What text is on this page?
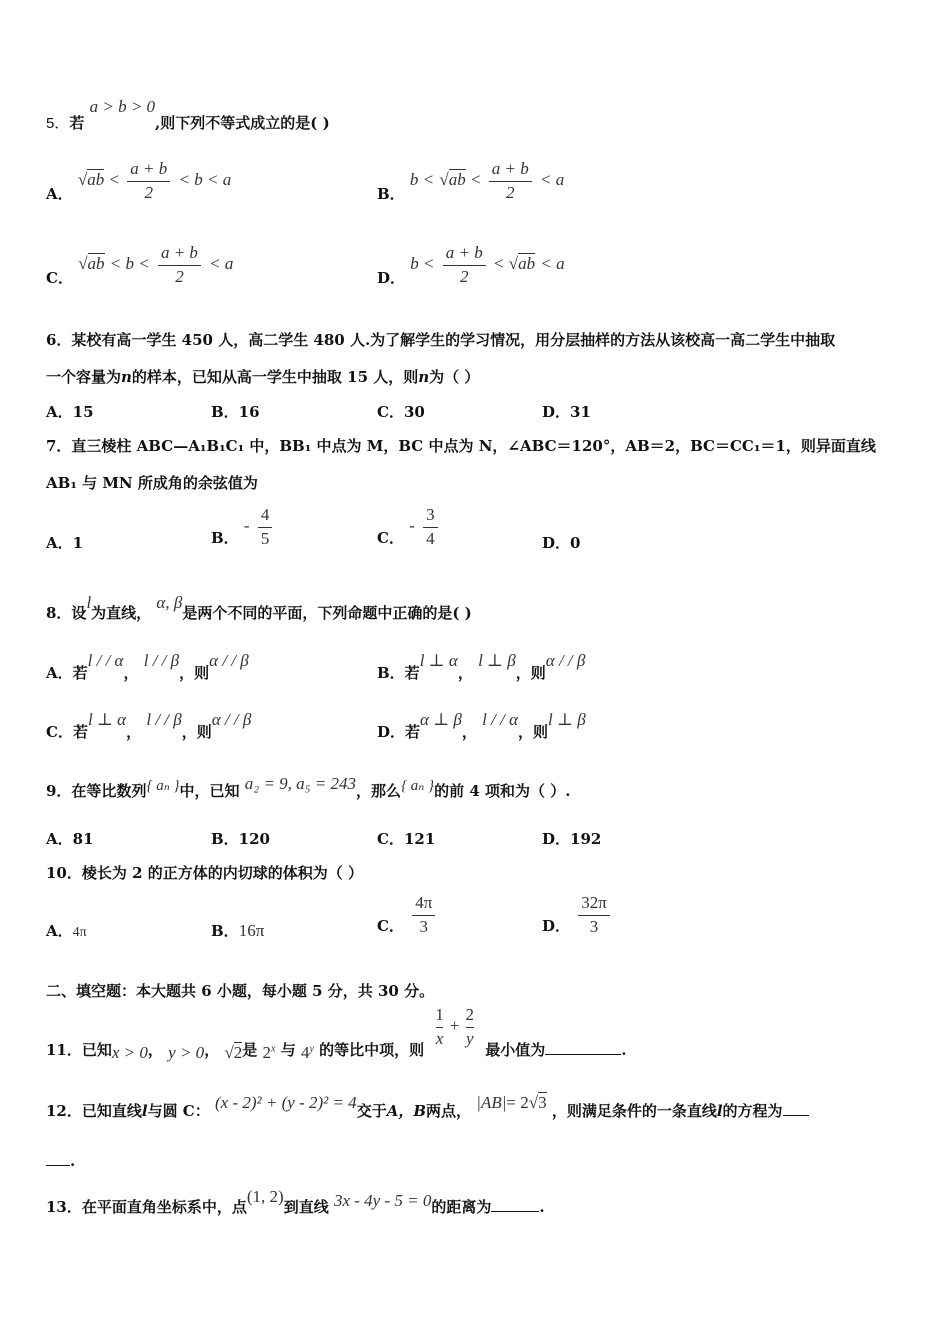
5．若 a > b > 0,则下列不等式成立的是( )
A． $√ab < \frac{a + b}{2} < b < a$
B． $b < √ab < \frac{a + b}{2} < a$
C． $√ab < b < \frac{a + b}{2} < a$
D． $b < \frac{a + b}{2} < √ab < a$
6．某校有高一学生 450 人，高二学生 480 人.为了解学生的学习情况，用分层抽样的方法从该校高一高二学生中抽取
一个容量为n的样本，已知从高一学生中抽取 15 人，则n为（ ）
A．15	B．16	C．30	D．31
7．直三棱柱 ABC—A₁B₁C₁ 中，BB₁ 中点为 M，BC 中点为 N，∠ABC＝120°，AB＝2，BC＝CC₁＝1，则异面直线
AB₁ 与 MN 所成角的余弦值为
A．1	B． - $\frac{4}{5}$	C． - $\frac{3}{4}$	D．0
8．设l为直线， α, β是两个不同的平面，下列命题中正确的是( )
A．若l / / α， l / / β，则α / / β
B．若l ⊥ α， l ⊥ β，则α / / β
C．若l ⊥ α， l / / β，则α / / β
D．若α ⊥ β， l / / α，则l ⊥ β
9．在等比数列{ aₙ }中，已知 a₂ = 9, a₅ = 243，那么{ aₙ }的前 4 项和为（ ）.
A．81	B．120	C．121	D．192
10．棱长为 2 的正方体的内切球的体积为（ ）
A．4π	B．16π	C． $\frac{4\pi}{3}$	D． $\frac{32\pi}{3}$
二、填空题：本大题共 6 小题，每小题 5 分，共 30 分。
11．已知x > 0， y > 0， √2是 2$^x$ 与 4$^y$ 的等比中项，则
$\frac{1}{x} + \frac{2}{y}$
最小值为	.
12．已知直线l与圆 C： (x - 2)² + (y - 2)² = 4交于A，B两点， |AB|= 2√3 ，则满足条件的一条直线l的方程为
.
13．在平面直角坐标系中，点(1, 2)到直线 3x - 4y - 5 = 0的距离为	.
